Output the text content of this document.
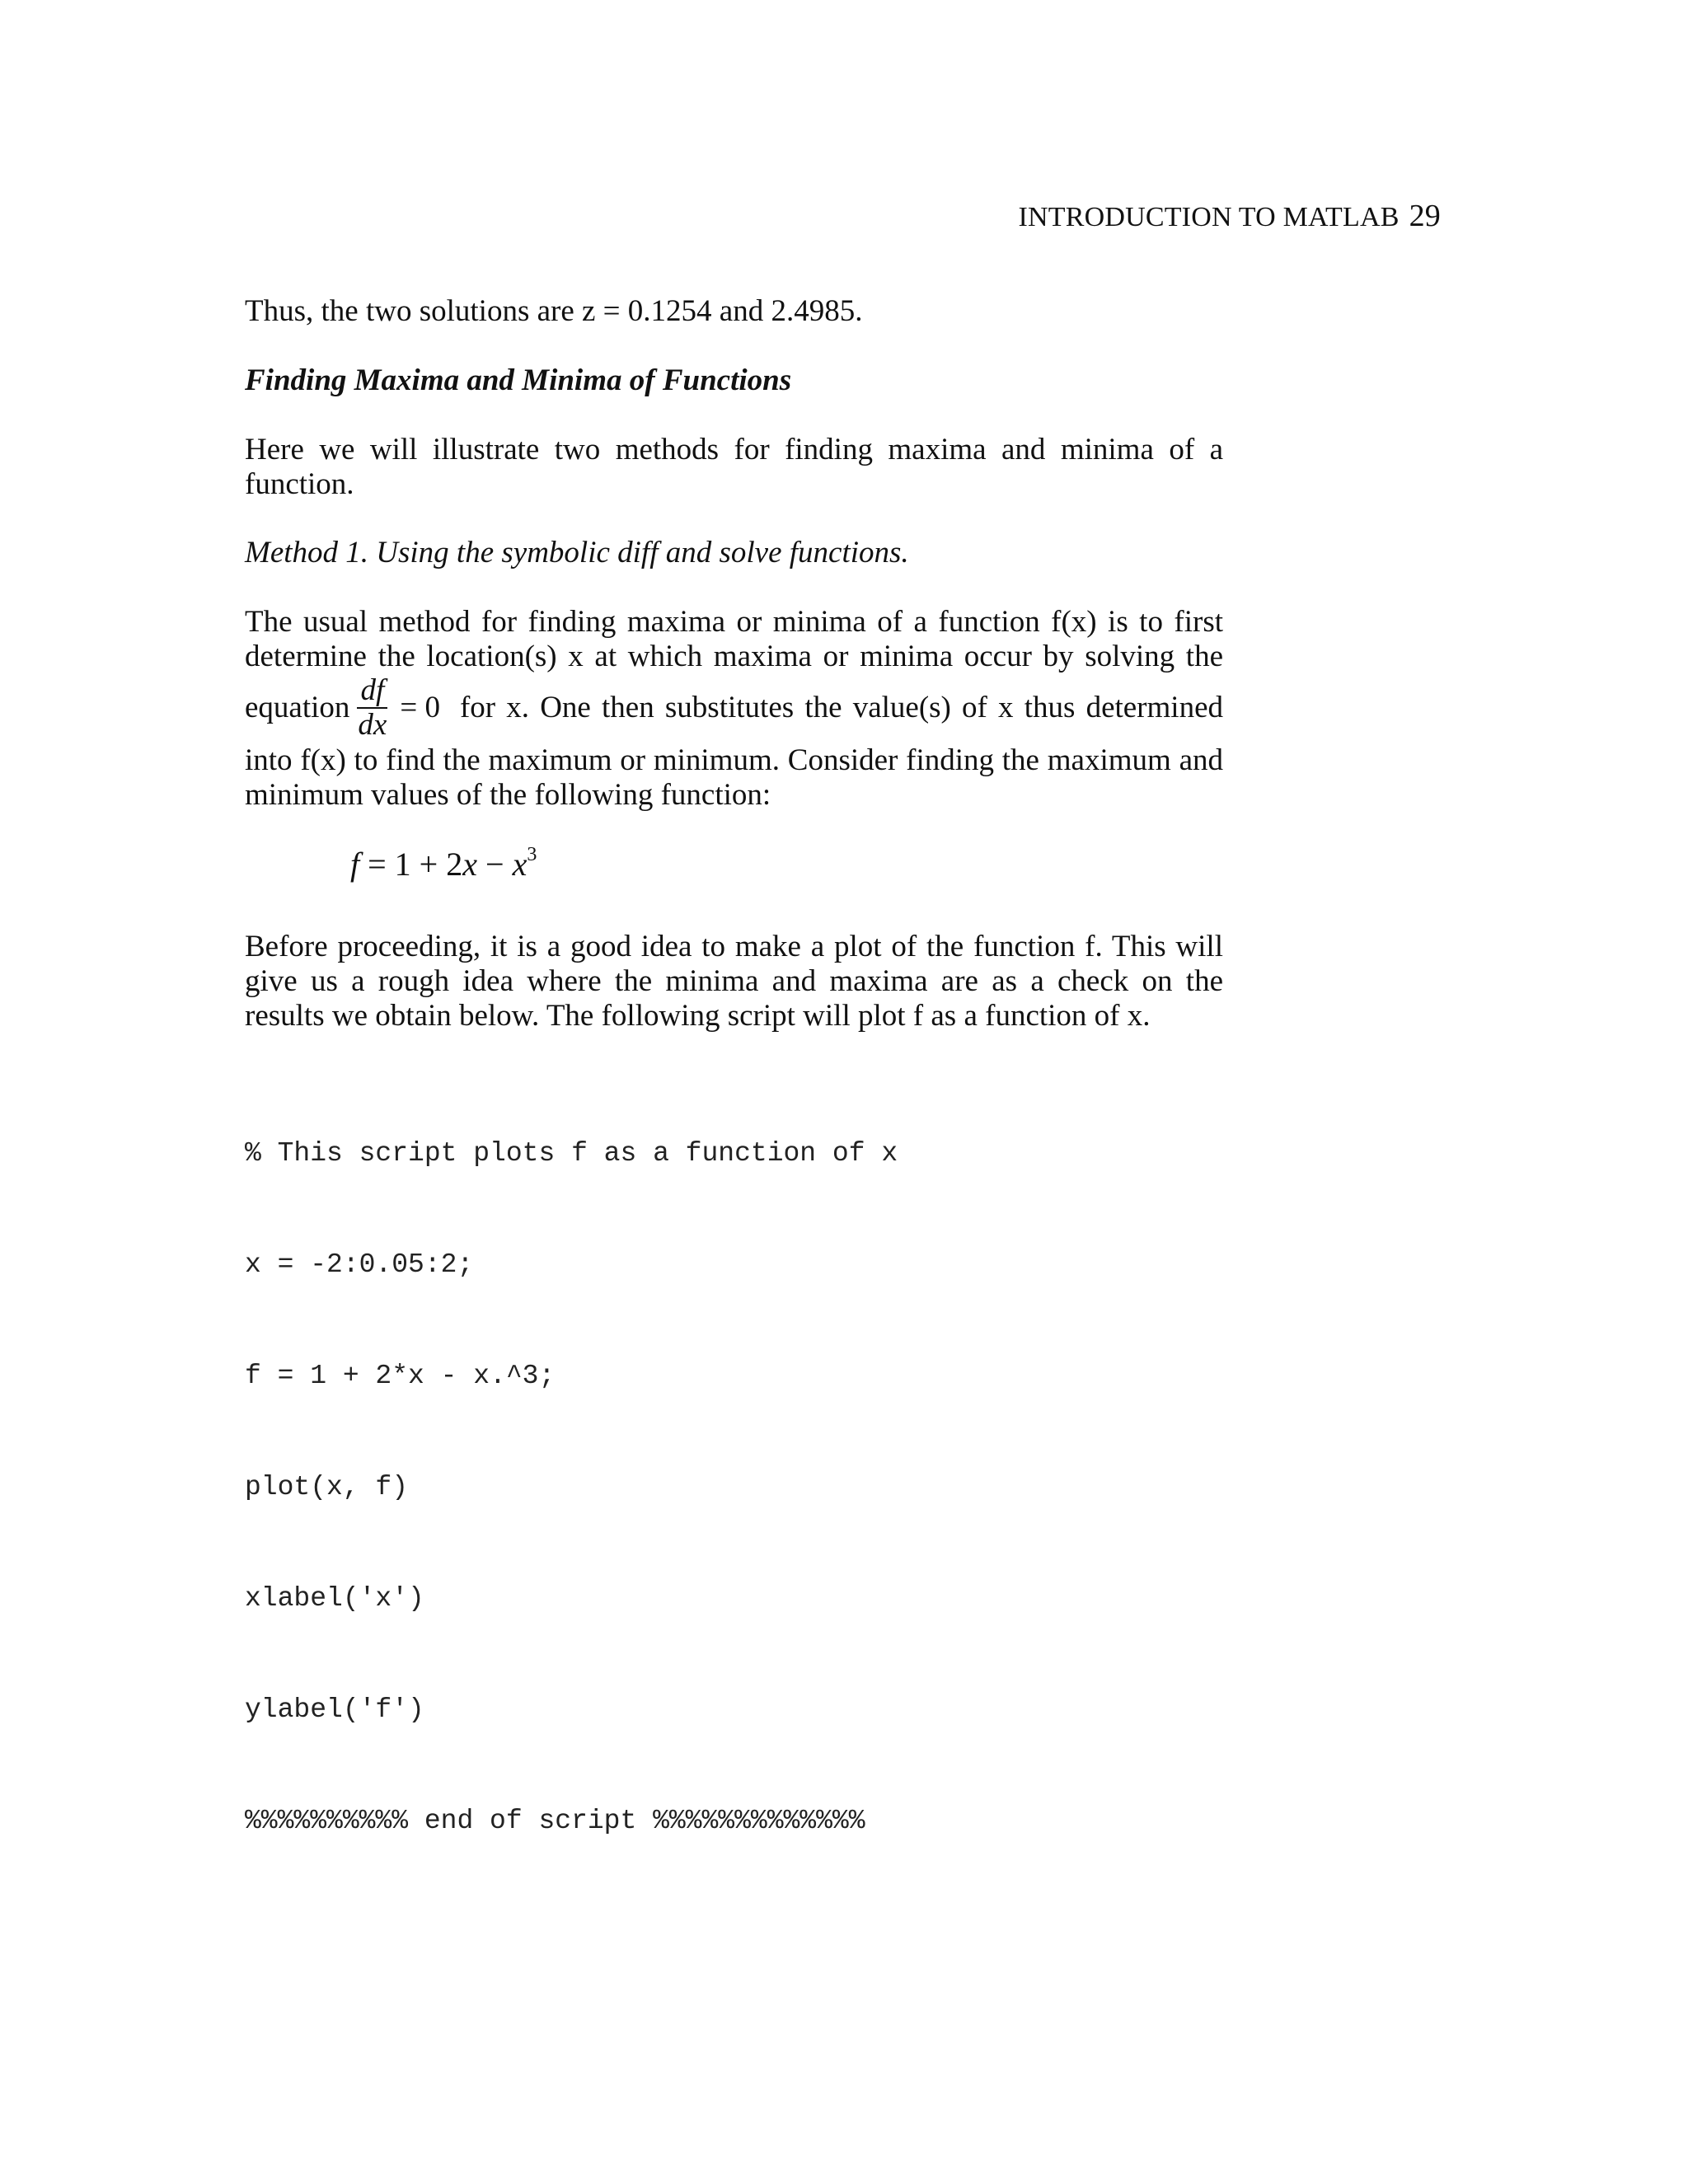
INTRODUCTION TO MATLAB 29
Thus, the two solutions are z = 0.1254 and 2.4985.
Finding Maxima and Minima of Functions
Here we will illustrate two methods for finding maxima and minima of a function.
Method 1. Using the symbolic diff and solve functions.
The usual method for finding maxima or minima of a function f(x) is to first determine the location(s) x at which maxima or minima occur by solving the
equation $\frac{df}{dx} = 0$ for x. One then substitutes the value(s) of x thus determined
into f(x) to find the maximum or minimum. Consider finding the maximum and minimum values of the following function:
$f = 1 + 2x - x^3$
Before proceeding, it is a good idea to make a plot of the function f. This will give us a rough idea where the minima and maxima are as a check on the results we obtain below. The following script will plot f as a function of x.

% This script plots f as a function of x

x = -2:0.05:2;

f = 1 + 2*x - x.^3;

plot(x, f)

xlabel('x')

ylabel('f')

%%%%%%%%%% end of script %%%%%%%%%%%%%
